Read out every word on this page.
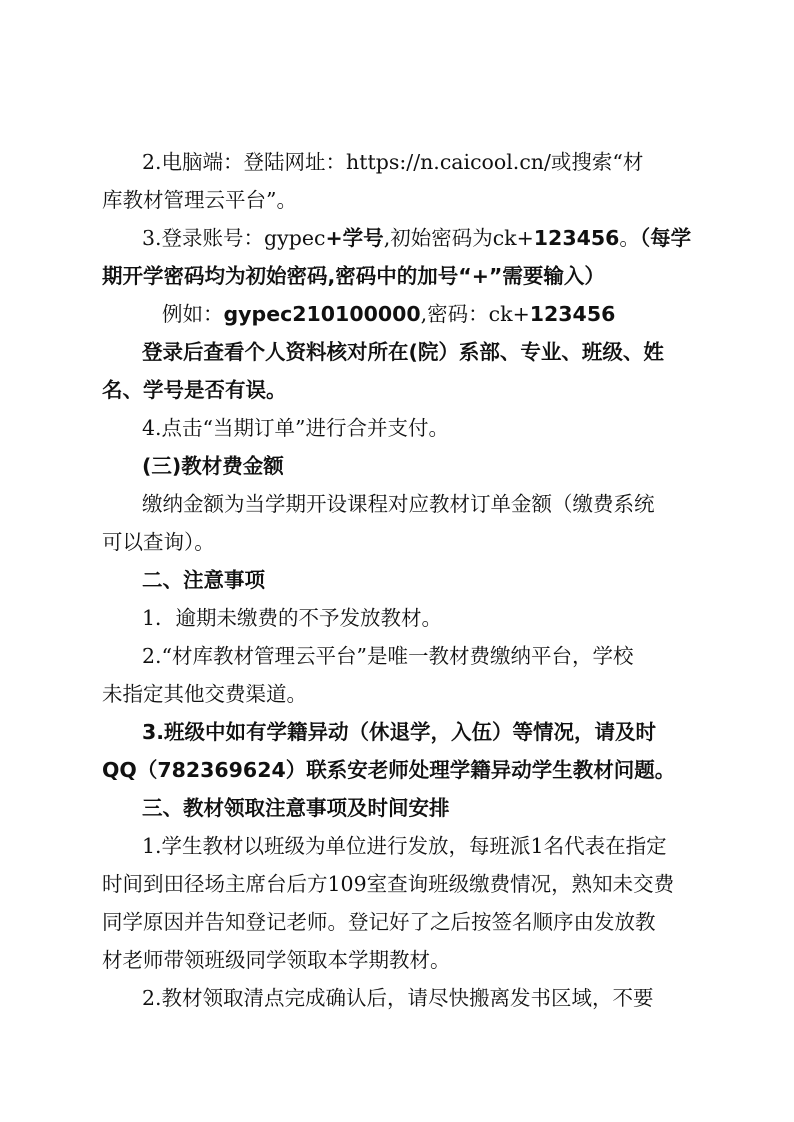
2.电脑端：登陆网址：https://n.caicool.cn/或搜索“材
库教材管理云平台”。
3.登录账号：gypec+学号,初始密码为ck+123456。（每学
期开学密码均为初始密码,密码中的加号“+”需要输入）
例如：gypec210100000,密码：ck+123456
登录后查看个人资料核对所在(院）系部、专业、班级、姓
名、学号是否有误。
4.点击“当期订单”进行合并支付。
(三)教材费金额
缴纳金额为当学期开设课程对应教材订单金额（缴费系统
可以查询）。
二、注意事项
1．逾期未缴费的不予发放教材。
2.“材库教材管理云平台”是唯一教材费缴纳平台，学校
未指定其他交费渠道。
3.班级中如有学籍异动（休退学，入伍）等情况，请及时
QQ（782369624）联系安老师处理学籍异动学生教材问题。
三、教材领取注意事项及时间安排
1.学生教材以班级为单位进行发放，每班派1名代表在指定
时间到田径场主席台后方109室查询班级缴费情况，熟知未交费
同学原因并告知登记老师。登记好了之后按签名顺序由发放教
材老师带领班级同学领取本学期教材。
2.教材领取清点完成确认后，请尽快搬离发书区域，不要
